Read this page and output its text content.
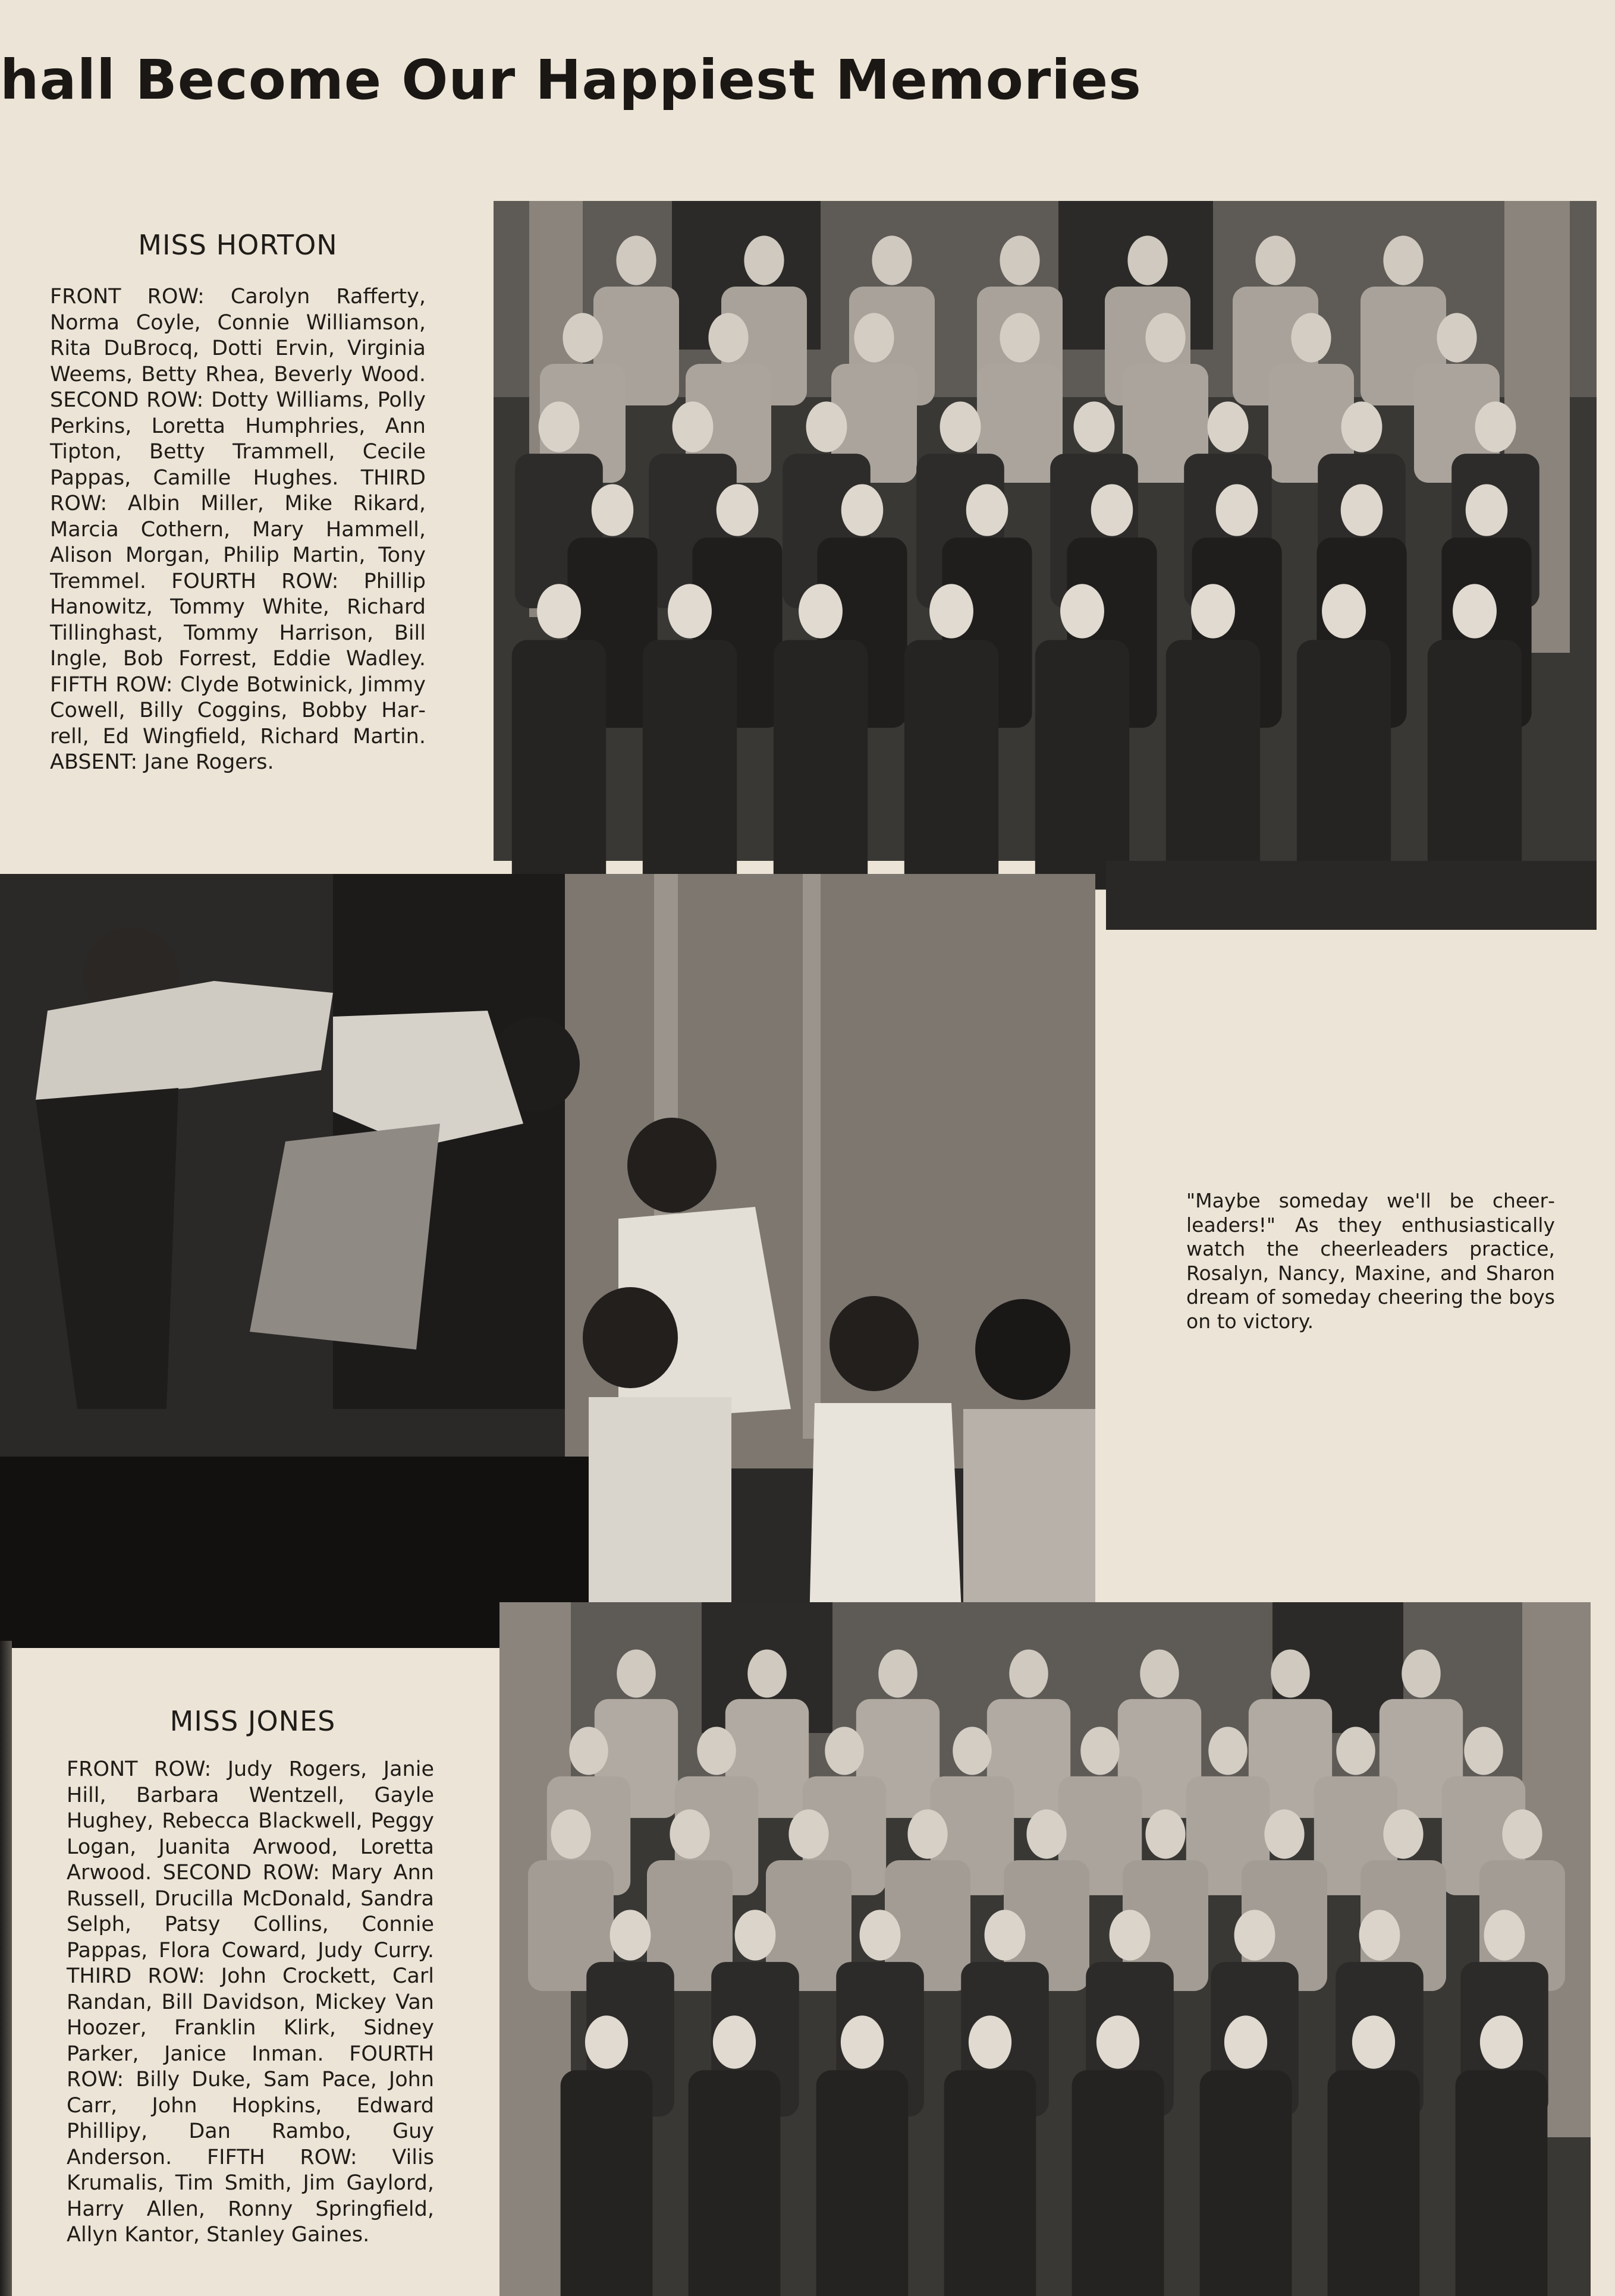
hall Become Our Happiest Memories
MISS HORTON

FRONT ROW: Carolyn Rafferty, Norma Coyle, Connie Williamson, Rita DuBrocq, Dotti Ervin, Virginia Weems, Betty Rhea, Beverly Wood. SECOND ROW: Dotty Williams, Polly Perkins, Loretta Humphries, Ann Tipton, Betty Trammell, Cecile Pappas, Camille Hughes. THIRD ROW: Albin Miller, Mike Rikard, Marcia Cothern, Mary Hammell, Alison Morgan, Philip Martin, Tony Tremmel. FOURTH ROW: Phillip Hanowitz, Tommy White, Richard Tillinghast, Tommy Harrison, Bill Ingle, Bob Forrest, Eddie Wadley. FIFTH ROW: Clyde Botwinick, Jimmy Cowell, Billy Coggins, Bobby Harrell, Ed Wingfield, Richard Martin. ABSENT: Jane Rogers.

"Maybe someday we'll be cheerleaders!" As they enthusiastically watch the cheerleaders practice, Rosalyn, Nancy, Maxine, and Sharon dream of someday cheering the boys on to victory.

MISS JONES

FRONT ROW: Judy Rogers, Janie Hill, Barbara Wentzell, Gayle Hughey, Rebecca Blackwell, Peggy Logan, Juanita Arwood, Loretta Arwood. SECOND ROW: Mary Ann Russell, Drucilla McDonald, Sandra Selph, Patsy Collins, Connie Pappas, Flora Coward, Judy Curry. THIRD ROW: John Crockett, Carl Randan, Bill Davidson, Mickey Van Hoozer, Franklin Klirk, Sidney Parker, Janice Inman. FOURTH ROW: Billy Duke, Sam Pace, John Carr, John Hopkins, Edward Phillipy, Dan Rambo, Guy Anderson. FIFTH ROW: Vilis Krumalis, Tim Smith, Jim Gaylord, Harry Allen, Ronny Springfield, Allyn Kantor, Stanley Gaines.
